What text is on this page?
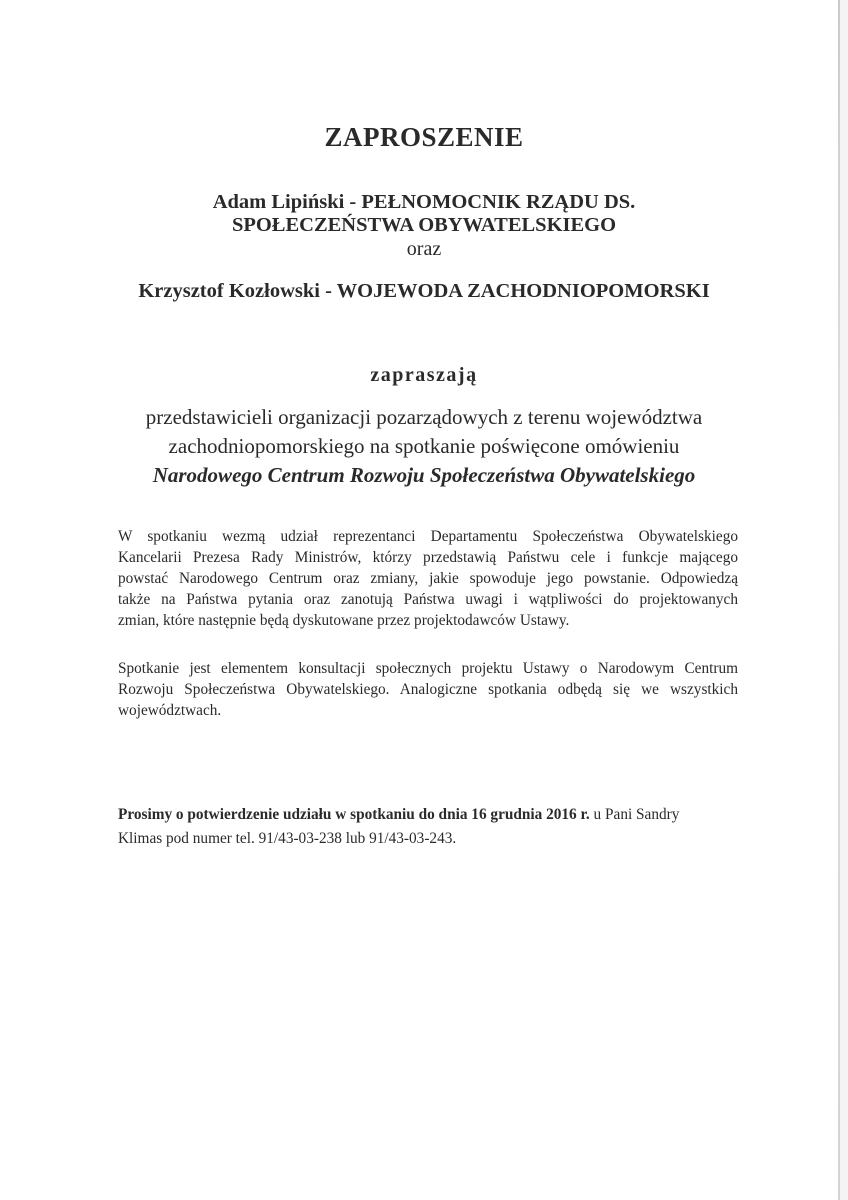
ZAPROSZENIE
Adam Lipiński - PEŁNOMOCNIK RZĄDU DS.
SPOŁECZEŃSTWA OBYWATELSKIEGO
oraz
Krzysztof Kozłowski - WOJEWODA ZACHODNIOPOMORSKI
zapraszają
przedstawicieli organizacji pozarządowych z terenu województwa
zachodniopomorskiego na spotkanie poświęcone omówieniu
Narodowego Centrum Rozwoju Społeczeństwa Obywatelskiego

W spotkaniu wezmą udział reprezentanci Departamentu Społeczeństwa Obywatelskiego
Kancelarii Prezesa Rady Ministrów, którzy przedstawią Państwu cele i funkcje mającego
powstać Narodowego Centrum oraz zmiany, jakie spowoduje jego powstanie. Odpowiedzą
także na Państwa pytania oraz zanotują Państwa uwagi i wątpliwości do projektowanych
zmian, które następnie będą dyskutowane przez projektodawców Ustawy.

Spotkanie jest elementem konsultacji społecznych projektu Ustawy o Narodowym Centrum
Rozwoju Społeczeństwa Obywatelskiego. Analogiczne spotkania odbędą się we wszystkich
województwach.

Prosimy o potwierdzenie udziału w spotkaniu do dnia 16 grudnia 2016 r. u Pani Sandry
Klimas pod numer tel. 91/43-03-238 lub 91/43-03-243.
